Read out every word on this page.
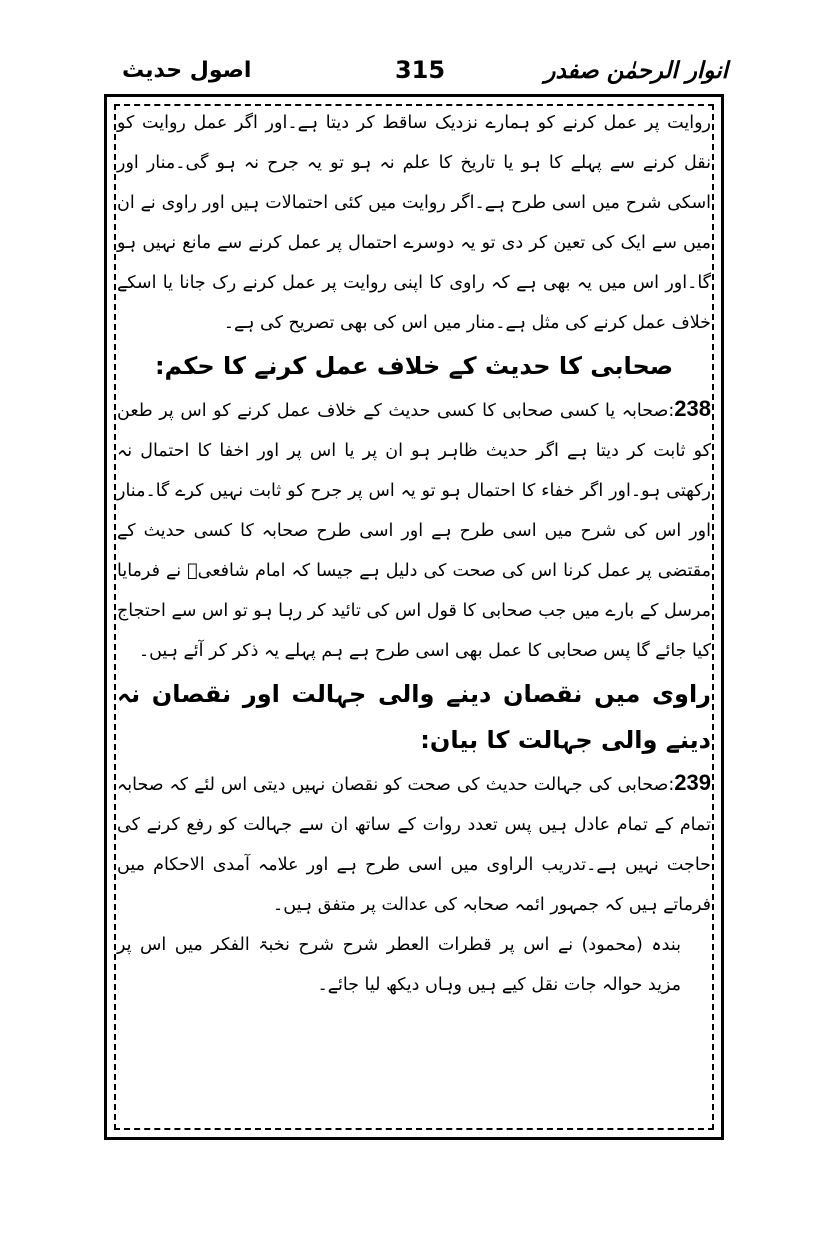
انوار الرحمٰن صفدر
315
اصول حدیث

روایت پر عمل کرنے کو ہمارے نزدیک ساقط کر دیتا ہے۔اور اگر عمل روایت کو نقل کرنے سے پہلے کا ہو یا تاریخ کا علم نہ ہو تو یہ جرح نہ ہو گی۔منار اور اسکی شرح میں اسی طرح ہے۔اگر روایت میں کئی احتمالات ہیں اور راوی نے ان میں سے ایک کی تعین کر دی تو یہ دوسرے احتمال پر عمل کرنے سے مانع نہیں ہو گا۔اور اس میں یہ بھی ہے کہ راوی کا اپنی روایت پر عمل کرنے رک جانا یا اسکے خلاف عمل کرنے کی مثل ہے۔منار میں اس کی بھی تصریح کی ہے۔

صحابی کا حدیث کے خلاف عمل کرنے کا حکم:

238:صحابہ یا کسی صحابی کا کسی حدیث کے خلاف عمل کرنے کو اس پر طعن کو ثابت کر دیتا ہے اگر حدیث ظاہر ہو ان پر یا اس پر اور اخفا کا احتمال نہ رکھتی ہو۔اور اگر خفاء کا احتمال ہو تو یہ اس پر جرح کو ثابت نہیں کرے گا۔منار اور اس کی شرح میں اسی طرح ہے اور اسی طرح صحابہ کا کسی حدیث کے مقتضی پر عمل کرنا اس کی صحت کی دلیل ہے جیسا کہ امام شافعیؒ نے فرمایا مرسل کے بارے میں جب صحابی کا قول اس کی تائید کر رہا ہو تو اس سے احتجاج کیا جائے گا پس صحابی کا عمل بھی اسی طرح ہے ہم پہلے یہ ذکر کر آئے ہیں۔

راوی میں نقصان دینے والی جہالت اور نقصان نہ دینے والی جہالت کا بیان:

239:صحابی کی جہالت حدیث کی صحت کو نقصان نہیں دیتی اس لئے کہ صحابہ تمام کے تمام عادل ہیں پس تعدد روات کے ساتھ ان سے جہالت کو رفع کرنے کی حاجت نہیں ہے۔تدریب الراوی میں اسی طرح ہے اور علامہ آمدی الاحکام میں فرماتے ہیں کہ جمہور ائمہ صحابہ کی عدالت پر متفق ہیں۔

بندہ (محمود) نے اس پر قطرات العطر شرح شرح نخبۃ الفکر میں اس پر مزید حوالہ جات نقل کیے ہیں وہاں دیکھ لیا جائے۔
